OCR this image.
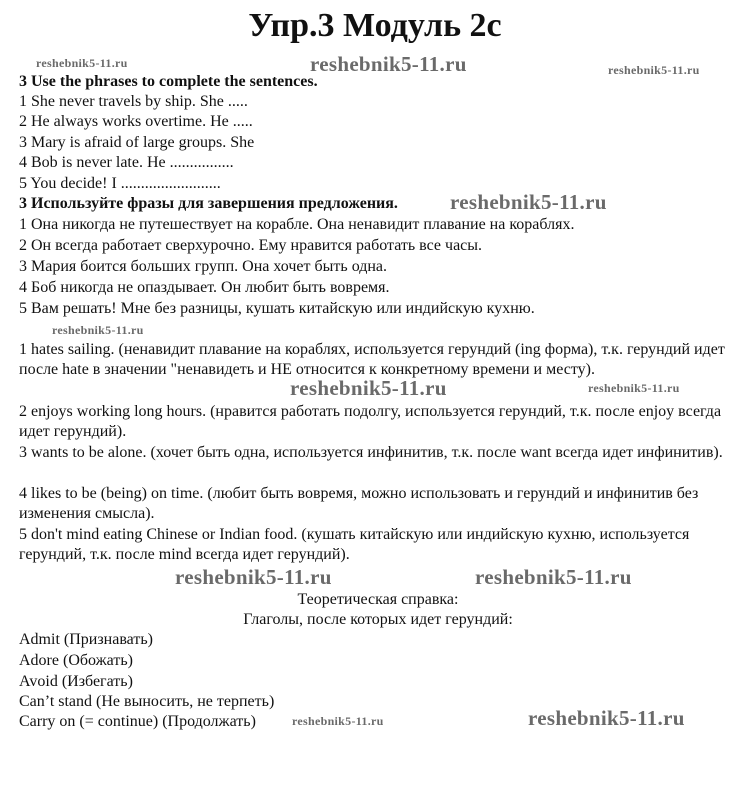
Упр.3 Модуль 2c
reshebnik5-11.ru	reshebnik5-11.ru	reshebnik5-11.ru
3 Use the phrases to complete the sentences.
1 She never travels by ship. She .....
2 He always works overtime. He .....
3 Mary is afraid of large groups. She
4 Bob is never late. He ................
5 You decide! I .........................
3 Используйте фразы для завершения предложения.	reshebnik5-11.ru
1 Она никогда не путешествует на корабле. Она ненавидит плавание на кораблях.
2 Он всегда работает сверхурочно. Ему нравится работать все часы.
3 Мария боится больших групп. Она хочет быть одна.
4 Боб никогда не опаздывает. Он любит быть вовремя.
5 Вам решать! Мне без разницы, кушать китайскую или индийскую кухню.
reshebnik5-11.ru
1 hates sailing. (ненавидит плавание на кораблях, используется герундий (ing форма), т.к. герундий идет после hate в значении "ненавидеть и НЕ относится к конкретному времени и месту).
reshebnik5-11.ru	reshebnik5-11.ru
2 enjoys working long hours. (нравится работать подолгу, используется герундий, т.к. после enjoy всегда идет герундий).
3 wants to be alone. (хочет быть одна, используется инфинитив, т.к. после want всегда идет инфинитив).
4 likes to be (being) on time. (любит быть вовремя, можно использовать и герундий и инфинитив без изменения смысла).
5 don't mind eating Chinese or Indian food. (кушать китайскую или индийскую кухню, используется герундий, т.к. после mind всегда идет герундий).
reshebnik5-11.ru	reshebnik5-11.ru
Теоретическая справка:
Глаголы, после которых идет герундий:
Admit (Признавать)
Adore (Обожать)
Avoid (Избегать)
Can’t stand (Не выносить, не терпеть)
Carry on (= continue) (Продолжать)	reshebnik5-11.ru	reshebnik5-11.ru
